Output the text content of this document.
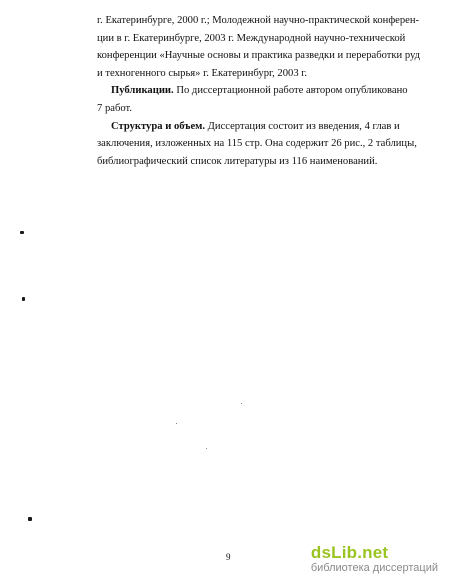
г. Екатеринбурге, 2000 г.; Молодежной научно-практической конферен-
ции в г. Екатеринбурге, 2003 г. Международной научно-технической
конференции «Научные основы и практика разведки и переработки руд
и техногенного сырья» г. Екатеринбург, 2003 г.
Публикации. По диссертационной работе автором опубликовано
7 работ.
Структура и объем. Диссертация состоит из введения, 4 глав и
заключения, изложенных на 115 стр. Она содержит 26 рис., 2 таблицы,
библиографический список литературы из 116 наименований.
9	dsLib.net
библиотека диссертаций
